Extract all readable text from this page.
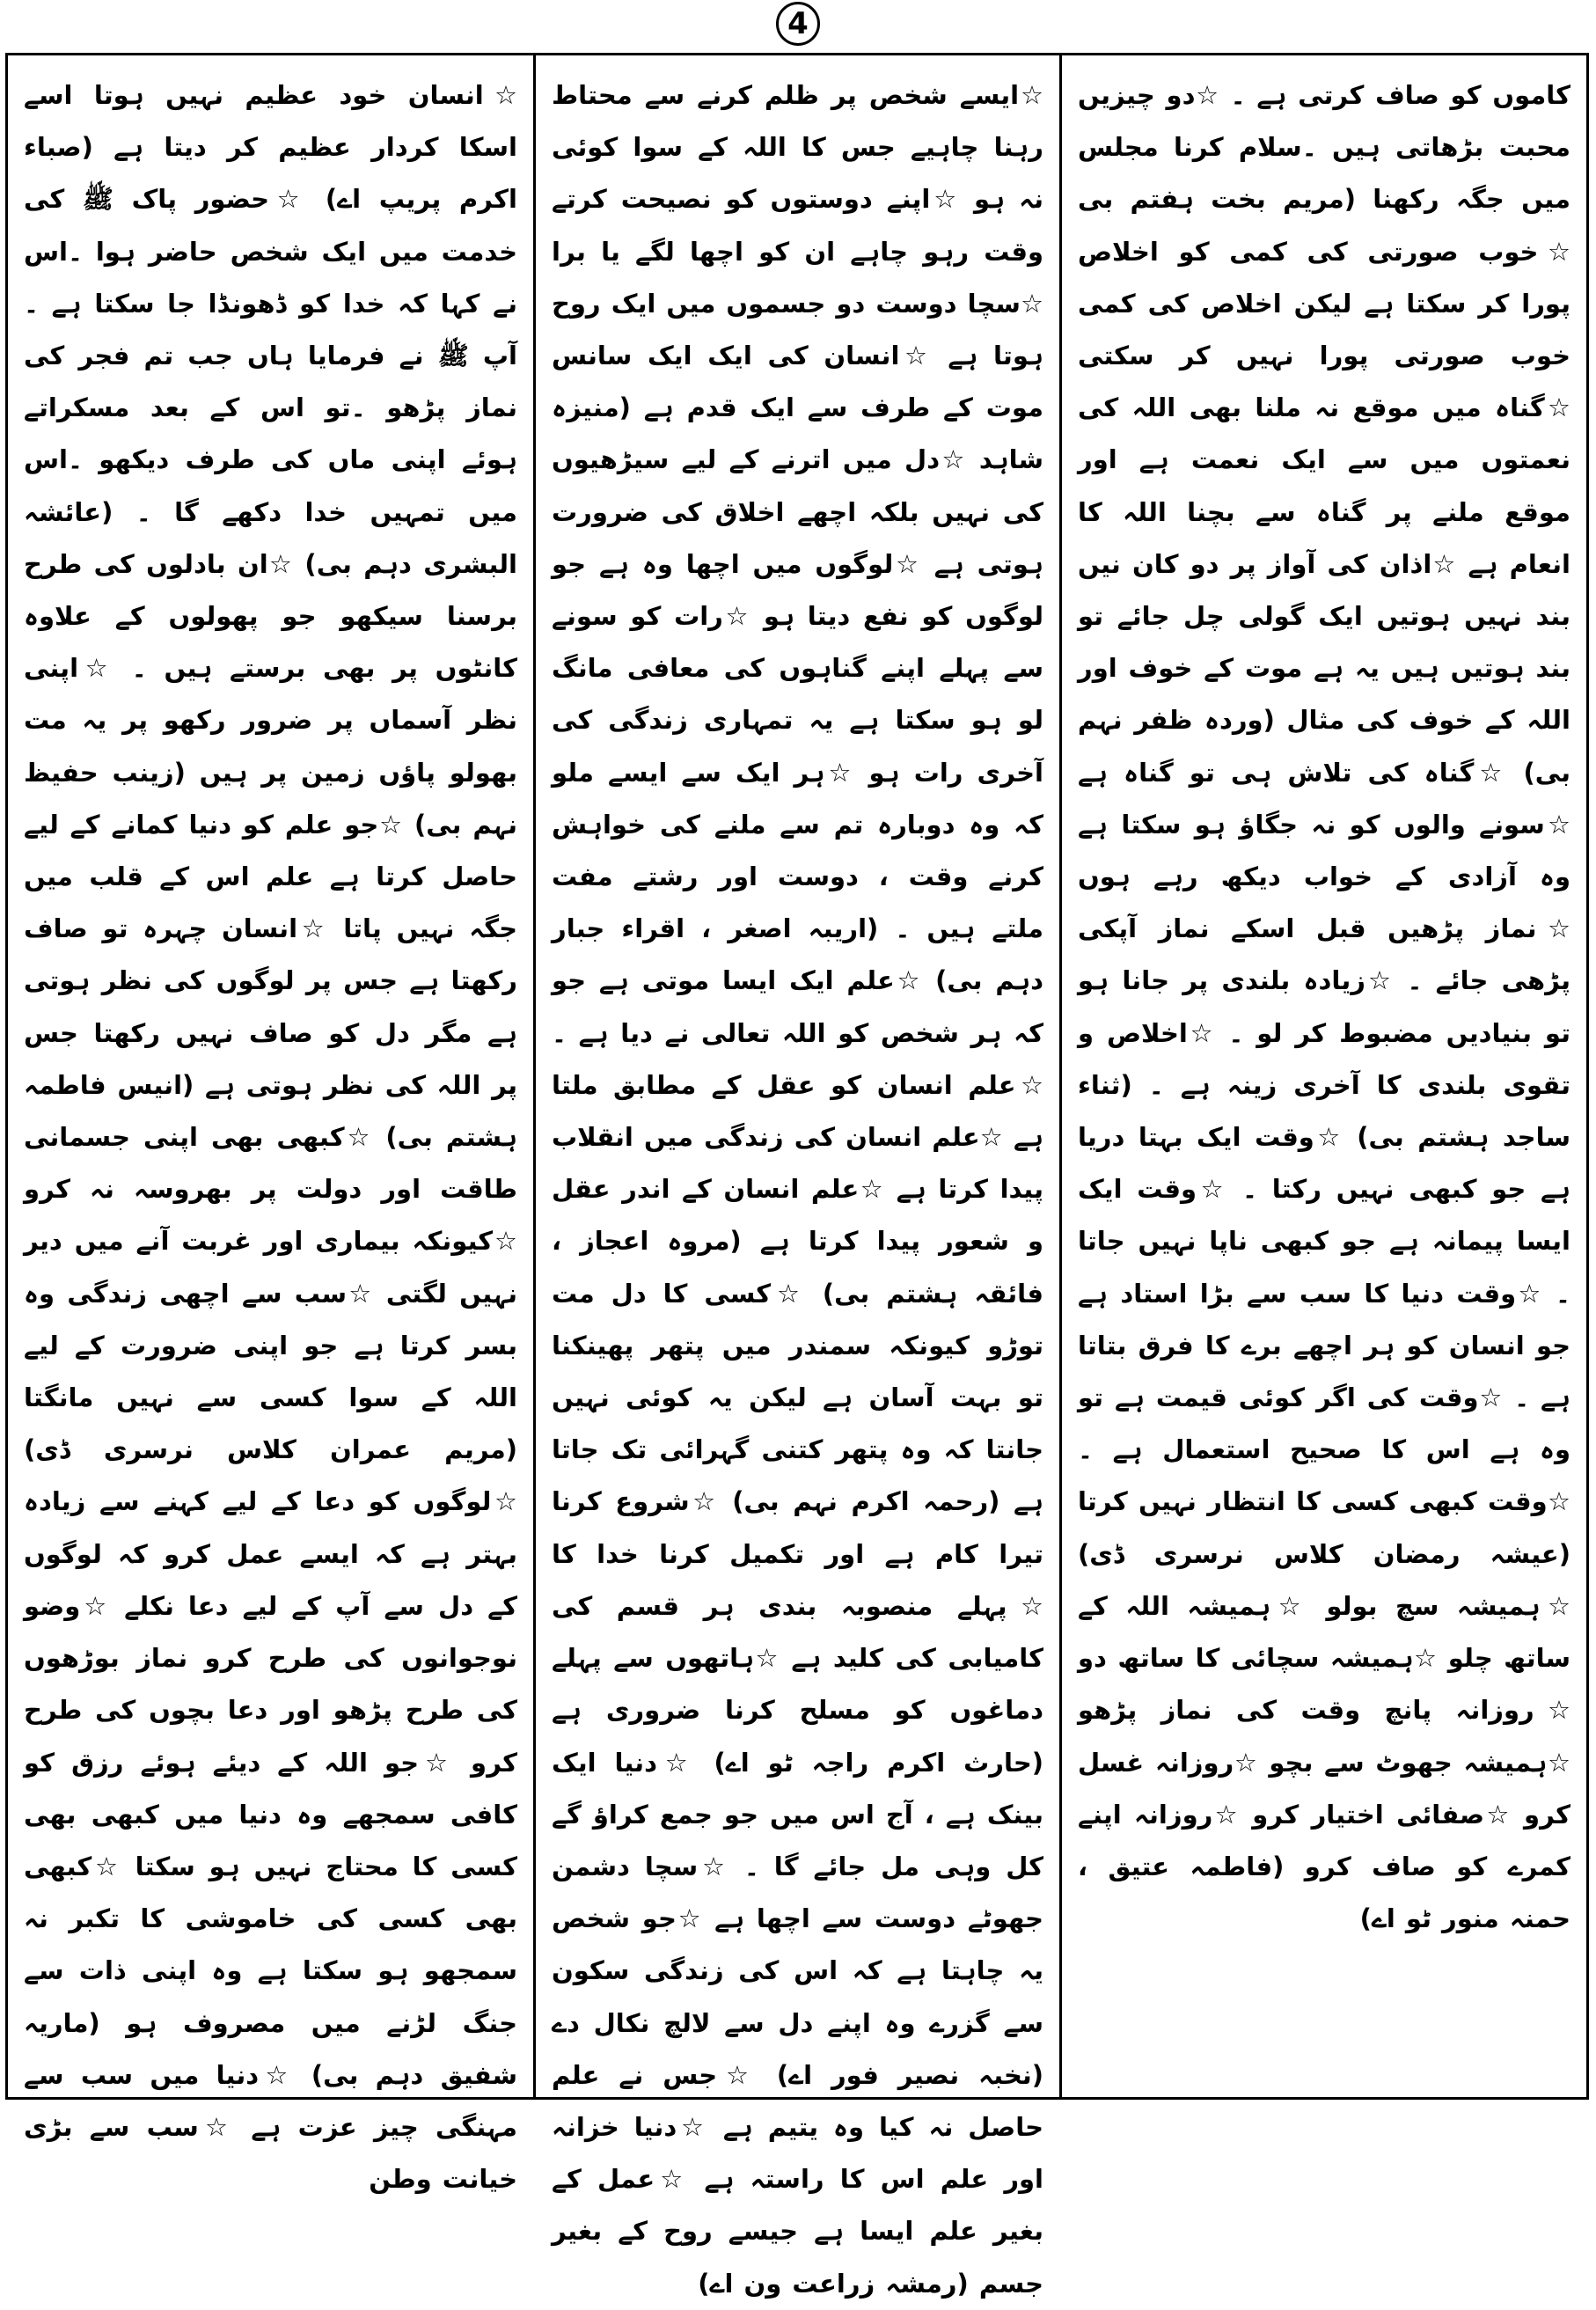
4

☆انسان خود عظیم نہیں ہوتا اسے اسکا کردار عظیم کر دیتا ہے (صباء اکرم پریپ اے) ☆حضور پاک ﷺ کی خدمت میں ایک شخص حاضر ہوا ۔اس نے کہا کہ خدا کو ڈھونڈا جا سکتا ہے ۔آپ ﷺ نے فرمایا ہاں جب تم فجر کی نماز پڑھو ۔تو اس کے بعد مسکراتے ہوئے اپنی ماں کی طرف دیکھو ۔اس میں تمہیں خدا دکھے گا ۔ (عائشہ البشری دہم بی) ☆ان بادلوں کی طرح برسنا سیکھو جو پھولوں کے علاوہ کانٹوں پر بھی برستے ہیں ۔ ☆اپنی نظر آسماں پر ضرور رکھو پر یہ مت بھولو پاؤں زمین پر ہیں (زینب حفیظ نہم بی) ☆جو علم کو دنیا کمانے کے لیے حاصل کرتا ہے علم اس کے قلب میں جگہ نہیں پاتا ☆انسان چہرہ تو صاف رکھتا ہے جس پر لوگوں کی نظر ہوتی ہے مگر دل کو صاف نہیں رکھتا جس پر اللہ کی نظر ہوتی ہے (انیس فاطمہ ہشتم بی) ☆کبھی بھی اپنی جسمانی طاقت اور دولت پر بھروسہ نہ کرو ☆کیونکہ بیماری اور غربت آنے میں دیر نہیں لگتی ☆سب سے اچھی زندگی وہ بسر کرتا ہے جو اپنی ضرورت کے لیے اللہ کے سوا کسی سے نہیں مانگتا (مریم عمران کلاس نرسری ڈی) ☆لوگوں کو دعا کے لیے کہنے سے زیادہ بہتر ہے کہ ایسے عمل کرو کہ لوگوں کے دل سے آپ کے لیے دعا نکلے ☆وضو نوجوانوں کی طرح کرو نماز بوڑھوں کی طرح پڑھو اور دعا بچوں کی طرح کرو ☆جو اللہ کے دیئے ہوئے رزق کو کافی سمجھے وہ دنیا میں کبھی بھی کسی کا محتاج نہیں ہو سکتا ☆کبھی بھی کسی کی خاموشی کا تکبر نہ سمجھو ہو سکتا ہے وہ اپنی ذات سے جنگ لڑنے میں مصروف ہو (ماریہ شفیق دہم بی) ☆دنیا میں سب سے مہنگی چیز عزت ہے ☆سب سے بڑی خیانت وطن

☆ایسے شخص پر ظلم کرنے سے محتاط رہنا چاہیے جس کا اللہ کے سوا کوئی نہ ہو ☆اپنے دوستوں کو نصیحت کرتے وقت رہو چاہے ان کو اچھا لگے یا برا ☆سچا دوست دو جسموں میں ایک روح ہوتا ہے ☆انسان کی ایک ایک سانس موت کے طرف سے ایک قدم ہے (منیزہ شاہد ☆دل میں اترنے کے لیے سیڑھیوں کی نہیں بلکہ اچھے اخلاق کی ضرورت ہوتی ہے ☆لوگوں میں اچھا وہ ہے جو لوگوں کو نفع دیتا ہو ☆رات کو سونے سے پہلے اپنے گناہوں کی معافی مانگ لو ہو سکتا ہے یہ تمہاری زندگی کی آخری رات ہو ☆ہر ایک سے ایسے ملو کہ وہ دوبارہ تم سے ملنے کی خواہش کرنے وقت ، دوست اور رشتے مفت ملتے ہیں ۔ (اریبہ اصغر ، اقراء جبار دہم بی) ☆علم ایک ایسا موتی ہے جو کہ ہر شخص کو اللہ تعالی نے دیا ہے ۔ ☆علم انسان کو عقل کے مطابق ملتا ہے ☆علم انسان کی زندگی میں انقلاب پیدا کرتا ہے ☆علم انسان کے اندر عقل و شعور پیدا کرتا ہے (مروہ اعجاز ، فائقہ ہشتم بی) ☆کسی کا دل مت توڑو کیونکہ سمندر میں پتھر پھینکنا تو بہت آسان ہے لیکن یہ کوئی نہیں جانتا کہ وہ پتھر کتنی گہرائی تک جاتا ہے (رحمہ اکرم نہم بی) ☆شروع کرنا تیرا کام ہے اور تکمیل کرنا خدا کا ☆پہلے منصوبہ بندی ہر قسم کی کامیابی کی کلید ہے ☆ہاتھوں سے پہلے دماغوں کو مسلح کرنا ضروری ہے (حارث اکرم راجہ ٹو اے) ☆دنیا ایک بینک ہے ، آج اس میں جو جمع کراؤ گے کل وہی مل جائے گا ۔ ☆سچا دشمن جھوٹے دوست سے اچھا ہے ☆جو شخص یہ چاہتا ہے کہ اس کی زندگی سکون سے گزرے وہ اپنے دل سے لالچ نکال دے (نخبہ نصیر فور اے) ☆جس نے علم حاصل نہ کیا وہ یتیم ہے ☆دنیا خزانہ اور علم اس کا راستہ ہے ☆عمل کے بغیر علم ایسا ہے جیسے روح کے بغیر جسم (رمشہ زراعت ون اے)

کاموں کو صاف کرتی ہے ۔ ☆دو چیزیں محبت بڑھاتی ہیں ۔سلام کرنا مجلس میں جگہ رکھنا (مریم بخت ہفتم بی ☆خوب صورتی کی کمی کو اخلاص پورا کر سکتا ہے لیکن اخلاص کی کمی خوب صورتی پورا نہیں کر سکتی ☆گناہ میں موقع نہ ملنا بھی اللہ کی نعمتوں میں سے ایک نعمت ہے اور موقع ملنے پر گناہ سے بچنا اللہ کا انعام ہے ☆اذان کی آواز پر دو کان نیں بند نہیں ہوتیں ایک گولی چل جائے تو بند ہوتیں ہیں یہ ہے موت کے خوف اور اللہ کے خوف کی مثال (وردہ ظفر نہم بی) ☆گناہ کی تلاش ہی تو گناہ ہے ☆سونے والوں کو نہ جگاؤ ہو سکتا ہے وہ آزادی کے خواب دیکھ رہے ہوں ☆نماز پڑھیں قبل اسکے نماز آپکی پڑھی جائے ۔ ☆زیادہ بلندی پر جانا ہو تو بنیادیں مضبوط کر لو ۔ ☆اخلاص و تقوی بلندی کا آخری زینہ ہے ۔ (ثناء ساجد ہشتم بی) ☆وقت ایک بہتا دریا ہے جو کبھی نہیں رکتا ۔ ☆وقت ایک ایسا پیمانہ ہے جو کبھی ناپا نہیں جاتا ۔ ☆وقت دنیا کا سب سے بڑا استاد ہے جو انسان کو ہر اچھے برے کا فرق بتاتا ہے ۔ ☆وقت کی اگر کوئی قیمت ہے تو وہ ہے اس کا صحیح استعمال ہے ۔☆وقت کبھی کسی کا انتظار نہیں کرتا (عیشہ رمضان کلاس نرسری ڈی) ☆ہمیشہ سچ بولو ☆ہمیشہ اللہ کے ساتھ چلو ☆ہمیشہ سچائی کا ساتھ دو ☆روزانہ پانچ وقت کی نماز پڑھو ☆ہمیشہ جھوٹ سے بچو ☆روزانہ غسل کرو ☆صفائی اختیار کرو ☆روزانہ اپنے کمرے کو صاف کرو (فاطمہ عتیق ، حمنہ منور ٹو اے)
